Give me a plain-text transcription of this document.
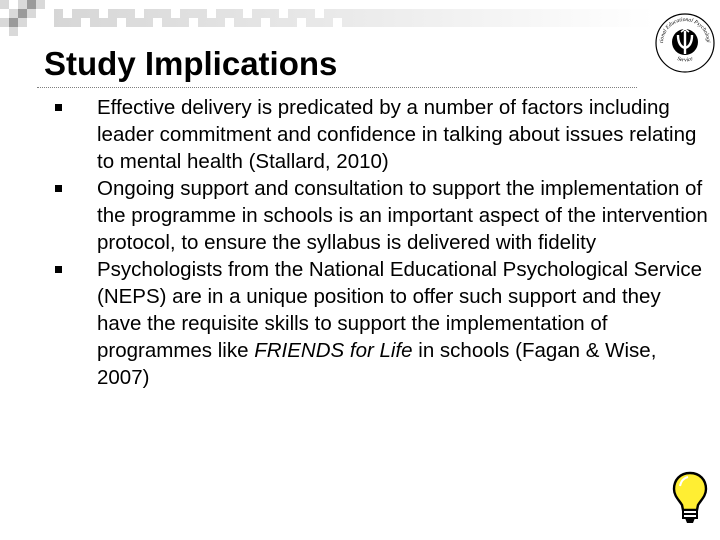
Study Implications
tional Educational Psychologi
Service
Effective delivery is predicated by a number of factors including leader commitment and confidence in talking about issues relating to mental health (Stallard, 2010)
Ongoing support and consultation to support the implementation of the programme in schools is an important aspect of the intervention protocol, to ensure the syllabus is delivered with fidelity
Psychologists from the National Educational Psychological Service (NEPS) are in a unique position to offer such support and they have the requisite skills to support the implementation of programmes like FRIENDS for Life in schools (Fagan & Wise, 2007)
